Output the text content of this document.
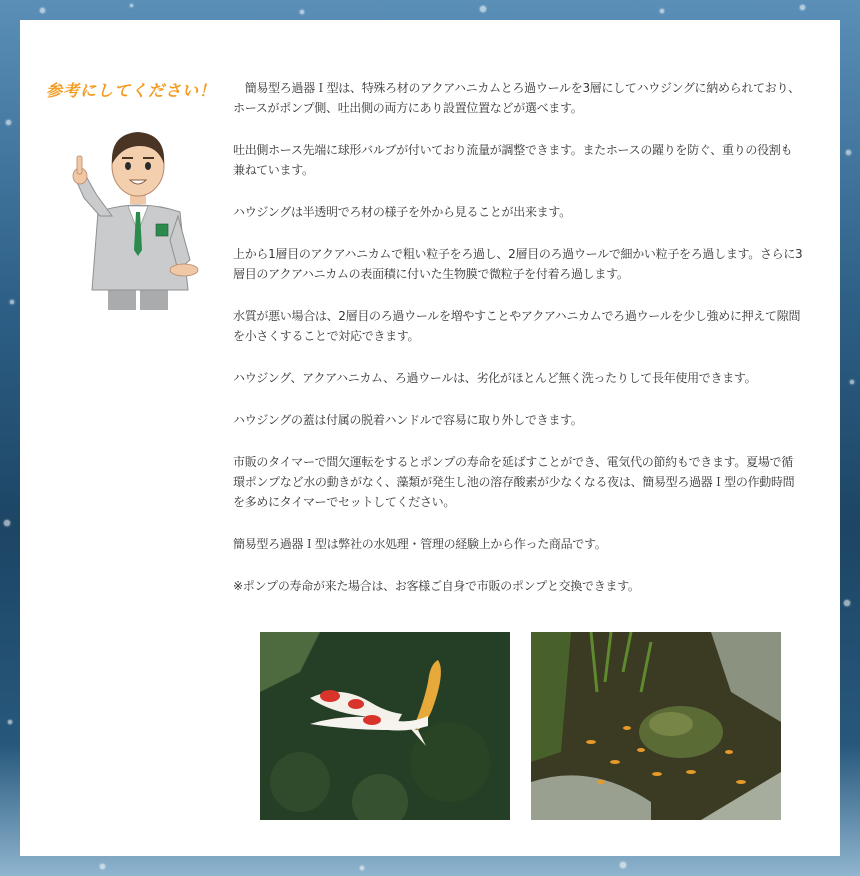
参考にしてください！ 　簡易型ろ過器Ｉ型は、特殊ろ材のアクアハニカムとろ過ウールを3層にしてハウジングに納められており、ホースがポンプ側、吐出側の両方にあり設置位置などが選べます。

吐出側ホース先端に球形バルブが付いており流量が調整できます。またホースの躍りを防ぐ、重りの役割も兼ねています。

ハウジングは半透明でろ材の様子を外から見ることが出来ます。

上から1層目のアクアハニカムで粗い粒子をろ過し、2層目のろ過ウールで細かい粒子をろ過します。さらに3層目のアクアハニカムの表面積に付いた生物膜で微粒子を付着ろ過します。

水質が悪い場合は、2層目のろ過ウールを増やすことやアクアハニカムでろ過ウールを少し強めに押えて隙間を小さくすることで対応できます。

ハウジング、アクアハニカム、ろ過ウールは、劣化がほとんど無く洗ったりして長年使用できます。

ハウジングの蓋は付属の脱着ハンドルで容易に取り外しできます。

市販のタイマーで間欠運転をするとポンプの寿命を延ばすことができ、電気代の節約もできます。夏場で循環ポンプなど水の動きがなく、藻類が発生し池の溶存酸素が少なくなる夜は、簡易型ろ過器Ｉ型の作動時間を多めにタイマーでセットしてください。

簡易型ろ過器Ｉ型は弊社の水処理・管理の経験上から作った商品です。

※ポンプの寿命が来た場合は、お客様ご自身で市販のポンプと交換できます。
